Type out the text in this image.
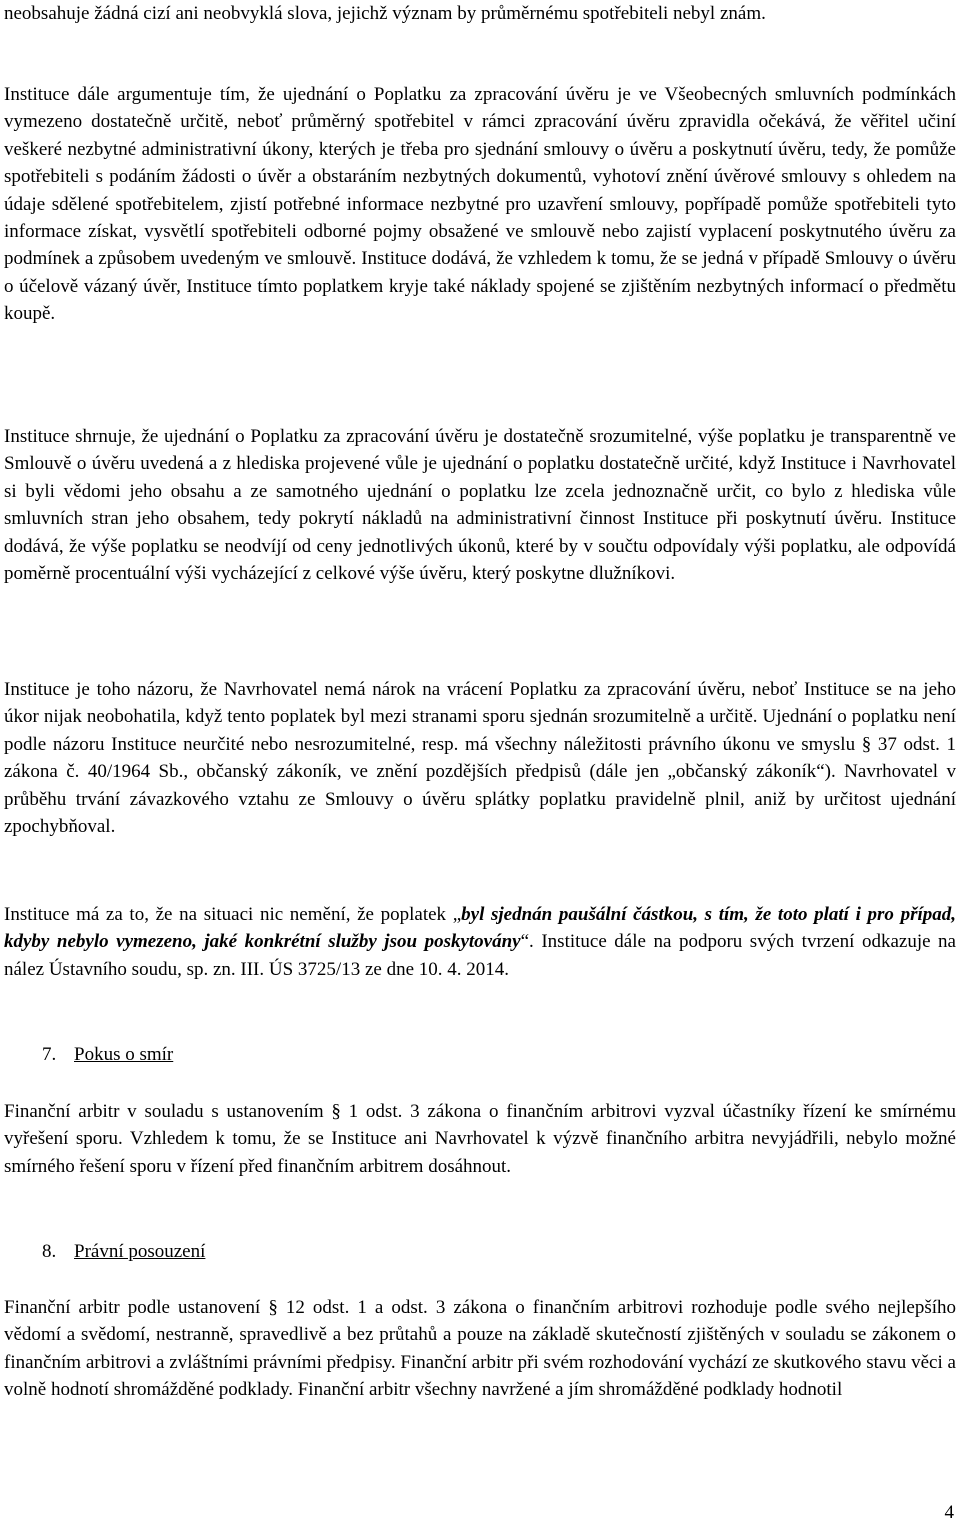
neobsahuje žádná cizí ani neobvyklá slova, jejichž význam by průměrnému spotřebiteli nebyl znám.

Instituce dále argumentuje tím, že ujednání o Poplatku za zpracování úvěru je ve Všeobecných smluvních podmínkách vymezeno dostatečně určitě, neboť průměrný spotřebitel v rámci zpracování úvěru zpravidla očekává, že věřitel učiní veškeré nezbytné administrativní úkony, kterých je třeba pro sjednání smlouvy o úvěru a poskytnutí úvěru, tedy, že pomůže spotřebiteli s podáním žádosti o úvěr a obstaráním nezbytných dokumentů, vyhotoví znění úvěrové smlouvy s ohledem na údaje sdělené spotřebitelem, zjistí potřebné informace nezbytné pro uzavření smlouvy, popřípadě pomůže spotřebiteli tyto informace získat, vysvětlí spotřebiteli odborné pojmy obsažené ve smlouvě nebo zajistí vyplacení poskytnutého úvěru za podmínek a způsobem uvedeným ve smlouvě. Instituce dodává, že vzhledem k tomu, že se jedná v případě Smlouvy o úvěru o účelově vázaný úvěr, Instituce tímto poplatkem kryje také náklady spojené se zjištěním nezbytných informací o předmětu koupě.

Instituce shrnuje, že ujednání o Poplatku za zpracování úvěru je dostatečně srozumitelné, výše poplatku je transparentně ve Smlouvě o úvěru uvedená a z hlediska projevené vůle je ujednání o poplatku dostatečně určité, když Instituce i Navrhovatel si byli vědomi jeho obsahu a ze samotného ujednání o poplatku lze zcela jednoznačně určit, co bylo z hlediska vůle smluvních stran jeho obsahem, tedy pokrytí nákladů na administrativní činnost Instituce při poskytnutí úvěru. Instituce dodává, že výše poplatku se neodvíjí od ceny jednotlivých úkonů, které by v součtu odpovídaly výši poplatku, ale odpovídá poměrně procentuální výši vycházející z celkové výše úvěru, který poskytne dlužníkovi.

Instituce je toho názoru, že Navrhovatel nemá nárok na vrácení Poplatku za zpracování úvěru, neboť Instituce se na jeho úkor nijak neobohatila, když tento poplatek byl mezi stranami sporu sjednán srozumitelně a určitě. Ujednání o poplatku není podle názoru Instituce neurčité nebo nesrozumitelné, resp. má všechny náležitosti právního úkonu ve smyslu § 37 odst. 1 zákona č. 40/1964 Sb., občanský zákoník, ve znění pozdějších předpisů (dále jen „občanský zákoník“). Navrhovatel v průběhu trvání závazkového vztahu ze Smlouvy o úvěru splátky poplatku pravidelně plnil, aniž by určitost ujednání zpochybňoval.

Instituce má za to, že na situaci nic nemění, že poplatek „byl sjednán paušální částkou, s tím, že toto platí i pro případ, kdyby nebylo vymezeno, jaké konkrétní služby jsou poskytovány“. Instituce dále na podporu svých tvrzení odkazuje na nález Ústavního soudu, sp. zn. III. ÚS 3725/13 ze dne 10. 4. 2014.

7. Pokus o smír

Finanční arbitr v souladu s ustanovením § 1 odst. 3 zákona o finančním arbitrovi vyzval účastníky řízení ke smírnému vyřešení sporu. Vzhledem k tomu, že se Instituce ani Navrhovatel k výzvě finančního arbitra nevyjádřili, nebylo možné smírného řešení sporu v řízení před finančním arbitrem dosáhnout.

8. Právní posouzení

Finanční arbitr podle ustanovení § 12 odst. 1 a odst. 3 zákona o finančním arbitrovi rozhoduje podle svého nejlepšího vědomí a svědomí, nestranně, spravedlivě a bez průtahů a pouze na základě skutečností zjištěných v souladu se zákonem o finančním arbitrovi a zvláštními právními předpisy. Finanční arbitr při svém rozhodování vychází ze skutkového stavu věci a volně hodnotí shromážděné podklady. Finanční arbitr všechny navržené a jím shromážděné podklady hodnotil

4
